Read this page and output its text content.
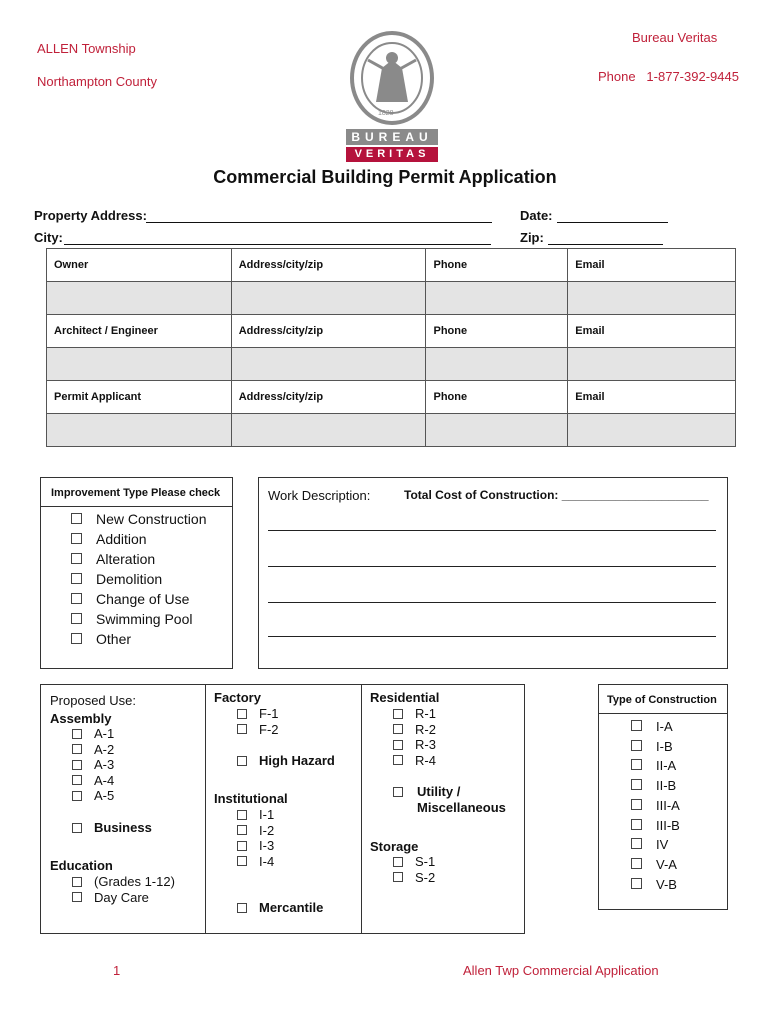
ALLEN Township
Northampton County
Bureau Veritas
Phone   1-877-392-9445
1828
BUREAU
VERITAS
Commercial Building Permit Application
Property Address:
City:
Date:
Zip:
Owner	Address/city/zip	Phone	Email

Architect / Engineer	Address/city/zip	Phone	Email

Permit Applicant	Address/city/zip	Phone	Email

Improvement Type Please check
New Construction
Addition
Alteration
Demolition
Change of Use
Swimming Pool
Other
Work Description:	Total Cost of Construction: ______________________
Proposed Use:
Assembly
A-1
A-2
A-3
A-4
A-5
Business
Education
(Grades 1-12)
Day Care
Factory
F-1
F-2
High Hazard
Institutional
I-1
I-2
I-3
I-4
Mercantile
Residential
R-1
R-2
R-3
R-4
Utility / Miscellaneous
Storage
S-1
S-2
Type of Construction
I-A
I-B
II-A
II-B
III-A
III-B
IV
V-A
V-B
1	Allen Twp Commercial Application
